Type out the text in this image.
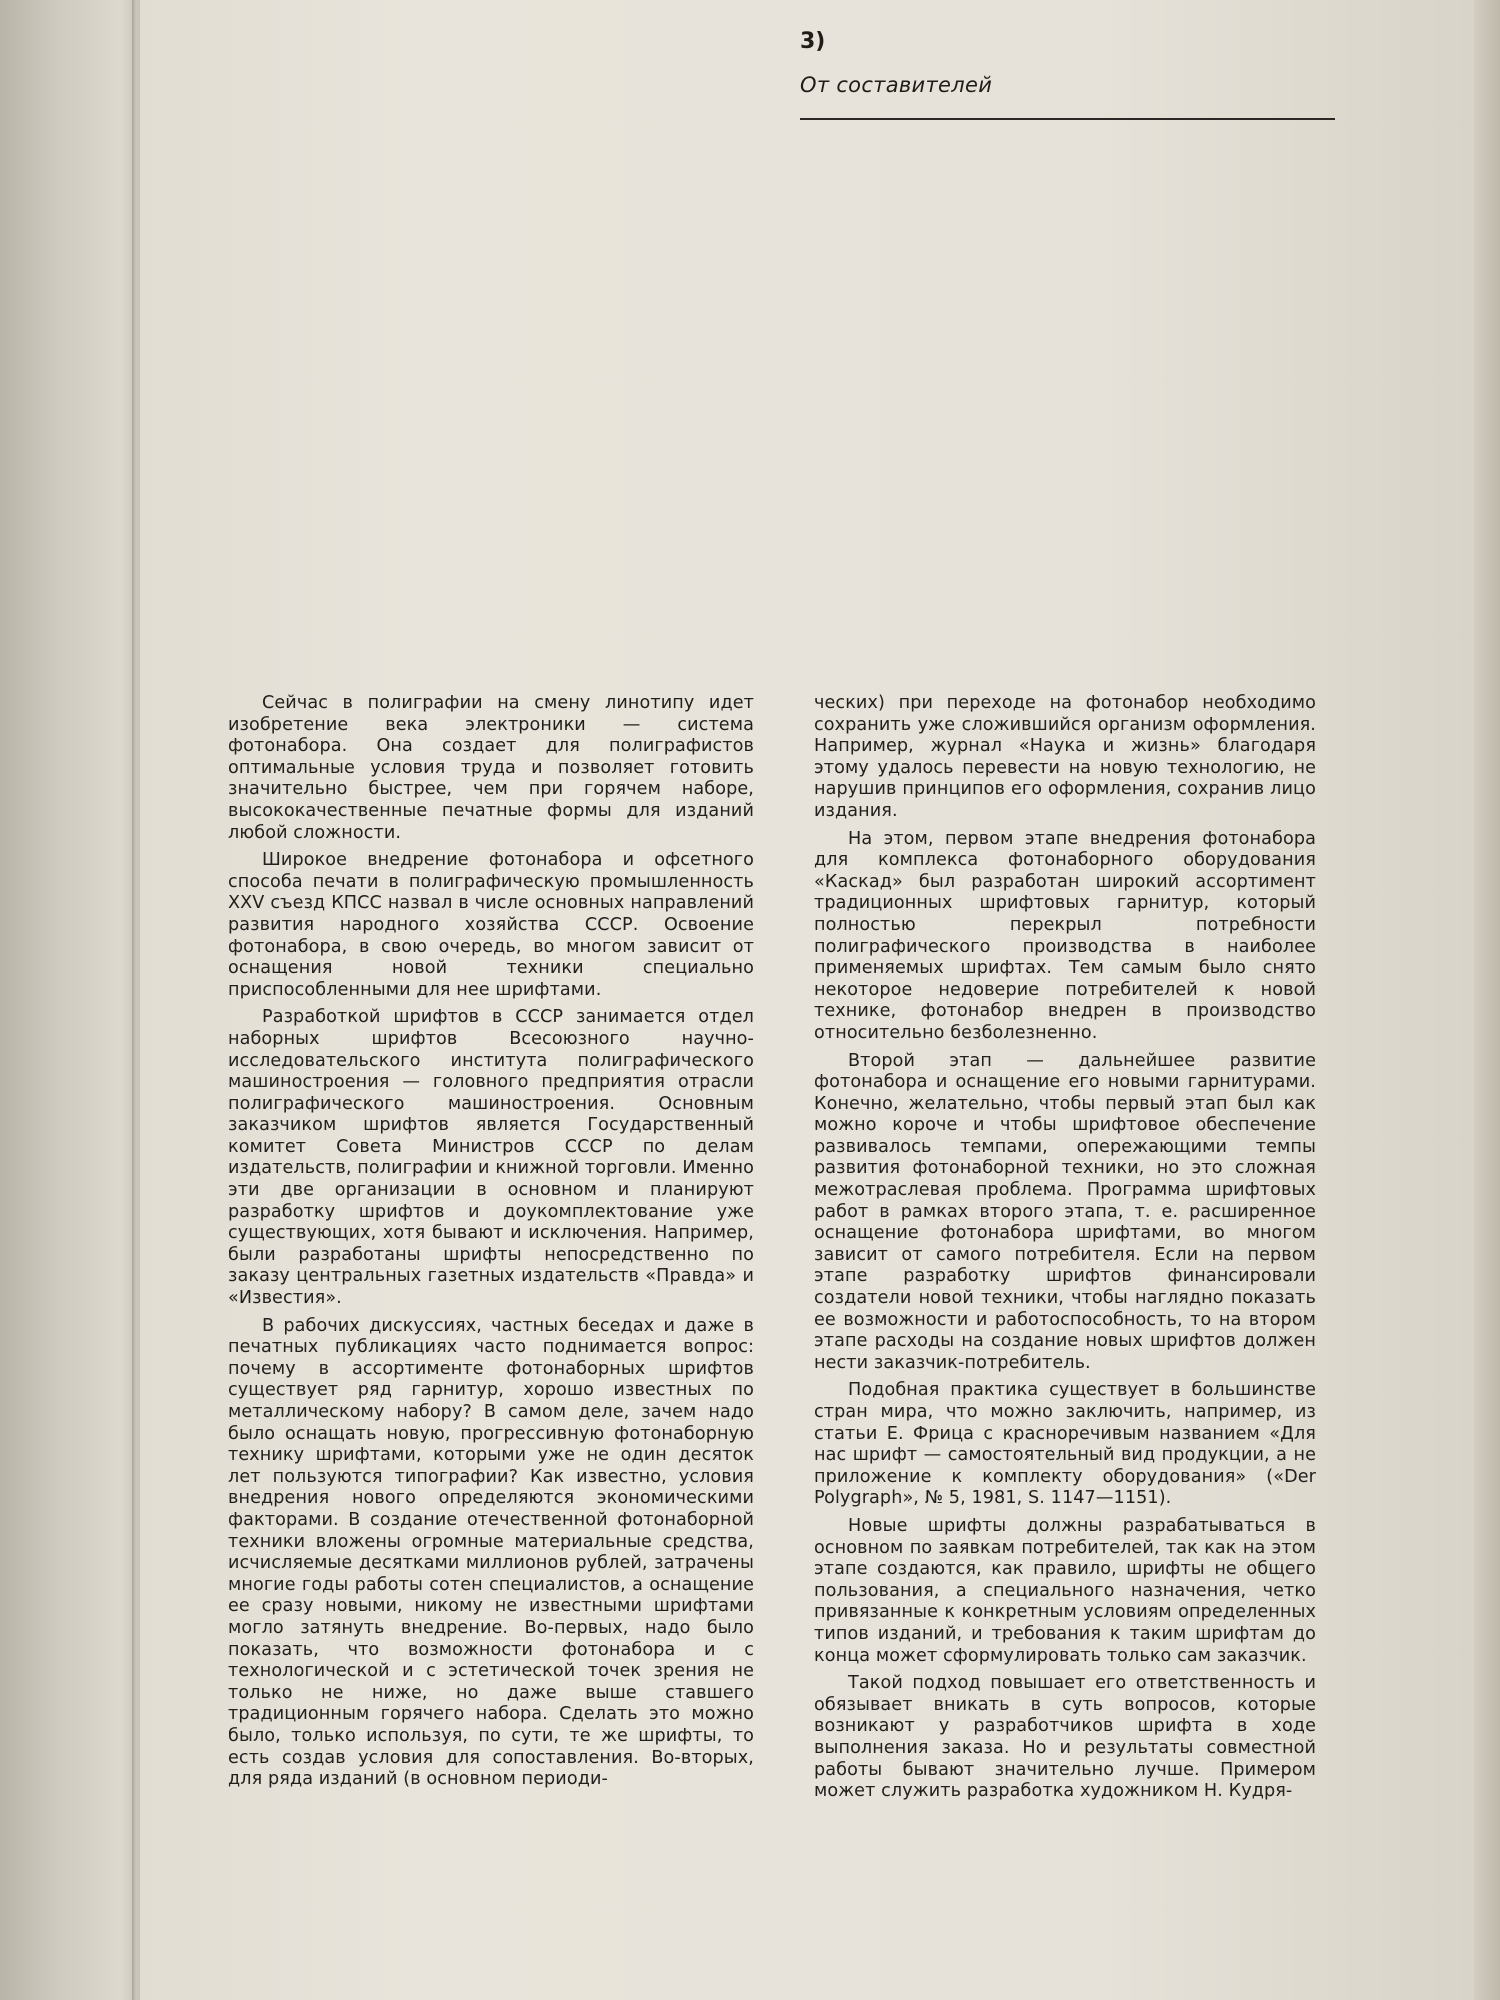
3)
От составителей

Сейчас в полиграфии на смену линотипу идет изобретение века электроники — система фотонабора. Она создает для полиграфистов оптимальные условия труда и позволяет готовить значительно быстрее, чем при горячем наборе, высококачественные печатные формы для изданий любой сложности.

Широкое внедрение фотонабора и офсетного способа печати в полиграфическую промышленность XXV съезд КПСС назвал в числе основных направлений развития народного хозяйства СССР. Освоение фотонабора, в свою очередь, во многом зависит от оснащения новой техники специально приспособленными для нее шрифтами.

Разработкой шрифтов в СССР занимается отдел наборных шрифтов Всесоюзного научно-исследовательского института полиграфического машиностроения — головного предприятия отрасли полиграфического машиностроения. Основным заказчиком шрифтов является Государственный комитет Совета Министров СССР по делам издательств, полиграфии и книжной торговли. Именно эти две организации в основном и планируют разработку шрифтов и доукомплектование уже существующих, хотя бывают и исключения. Например, были разработаны шрифты непосредственно по заказу центральных газетных издательств «Правда» и «Известия».

В рабочих дискуссиях, частных беседах и даже в печатных публикациях часто поднимается вопрос: почему в ассортименте фотонаборных шрифтов существует ряд гарнитур, хорошо известных по металлическому набору? В самом деле, зачем надо было оснащать новую, прогрессивную фотонаборную технику шрифтами, которыми уже не один десяток лет пользуются типографии? Как известно, условия внедрения нового определяются экономическими факторами. В создание отечественной фотонаборной техники вложены огромные материальные средства, исчисляемые десятками миллионов рублей, затрачены многие годы работы сотен специалистов, а оснащение ее сразу новыми, никому не известными шрифтами могло затянуть внедрение. Во-первых, надо было показать, что возможности фотонабора и с технологической и с эстетической точек зрения не только не ниже, но даже выше ставшего традиционным горячего набора. Сделать это можно было, только используя, по сути, те же шрифты, то есть создав условия для сопоставления. Во-вторых, для ряда изданий (в основном периоди-

ческих) при переходе на фотонабор необходимо сохранить уже сложившийся организм оформления. Например, журнал «Наука и жизнь» благодаря этому удалось перевести на новую технологию, не нарушив принципов его оформления, сохранив лицо издания.

На этом, первом этапе внедрения фотонабора для комплекса фотонаборного оборудования «Каскад» был разработан широкий ассортимент традиционных шрифтовых гарнитур, который полностью перекрыл потребности полиграфического производства в наиболее применяемых шрифтах. Тем самым было снято некоторое недоверие потребителей к новой технике, фотонабор внедрен в производство относительно безболезненно.

Второй этап — дальнейшее развитие фотонабора и оснащение его новыми гарнитурами. Конечно, желательно, чтобы первый этап был как можно короче и чтобы шрифтовое обеспечение развивалось темпами, опережающими темпы развития фотонаборной техники, но это сложная межотраслевая проблема. Программа шрифтовых работ в рамках второго этапа, т. е. расширенное оснащение фотонабора шрифтами, во многом зависит от самого потребителя. Если на первом этапе разработку шрифтов финансировали создатели новой техники, чтобы наглядно показать ее возможности и работоспособность, то на втором этапе расходы на создание новых шрифтов должен нести заказчик-потребитель.

Подобная практика существует в большинстве стран мира, что можно заключить, например, из статьи Е. Фрица с красноречивым названием «Для нас шрифт — самостоятельный вид продукции, а не приложение к комплекту оборудования» («Der Polygraph», № 5, 1981, S. 1147—1151).

Новые шрифты должны разрабатываться в основном по заявкам потребителей, так как на этом этапе создаются, как правило, шрифты не общего пользования, а специального назначения, четко привязанные к конкретным условиям определенных типов изданий, и требования к таким шрифтам до конца может сформулировать только сам заказчик.

Такой подход повышает его ответственность и обязывает вникать в суть вопросов, которые возникают у разработчиков шрифта в ходе выполнения заказа. Но и результаты совместной работы бывают значительно лучше. Примером может служить разработка художником Н. Кудря-
